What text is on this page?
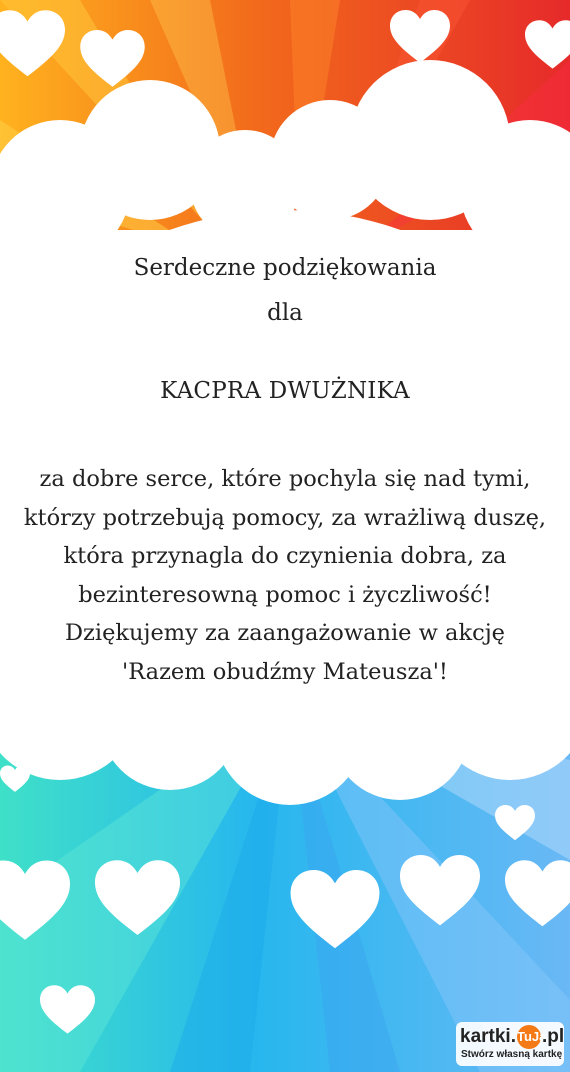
Serdeczne podziękowania
dla
KACPRA DWUŻNIKA
za dobre serce, które pochyla się nad tymi,
którzy potrzebują pomocy, za wrażliwą duszę,
która przynagla do czynienia dobra, za
bezinteresowną pomoc i życzliwość!
Dziękujemy za zaangażowanie w akcję
'Razem obudźmy Mateusza'!
kartki.TuJa.pl
Stwórz własną kartkę
